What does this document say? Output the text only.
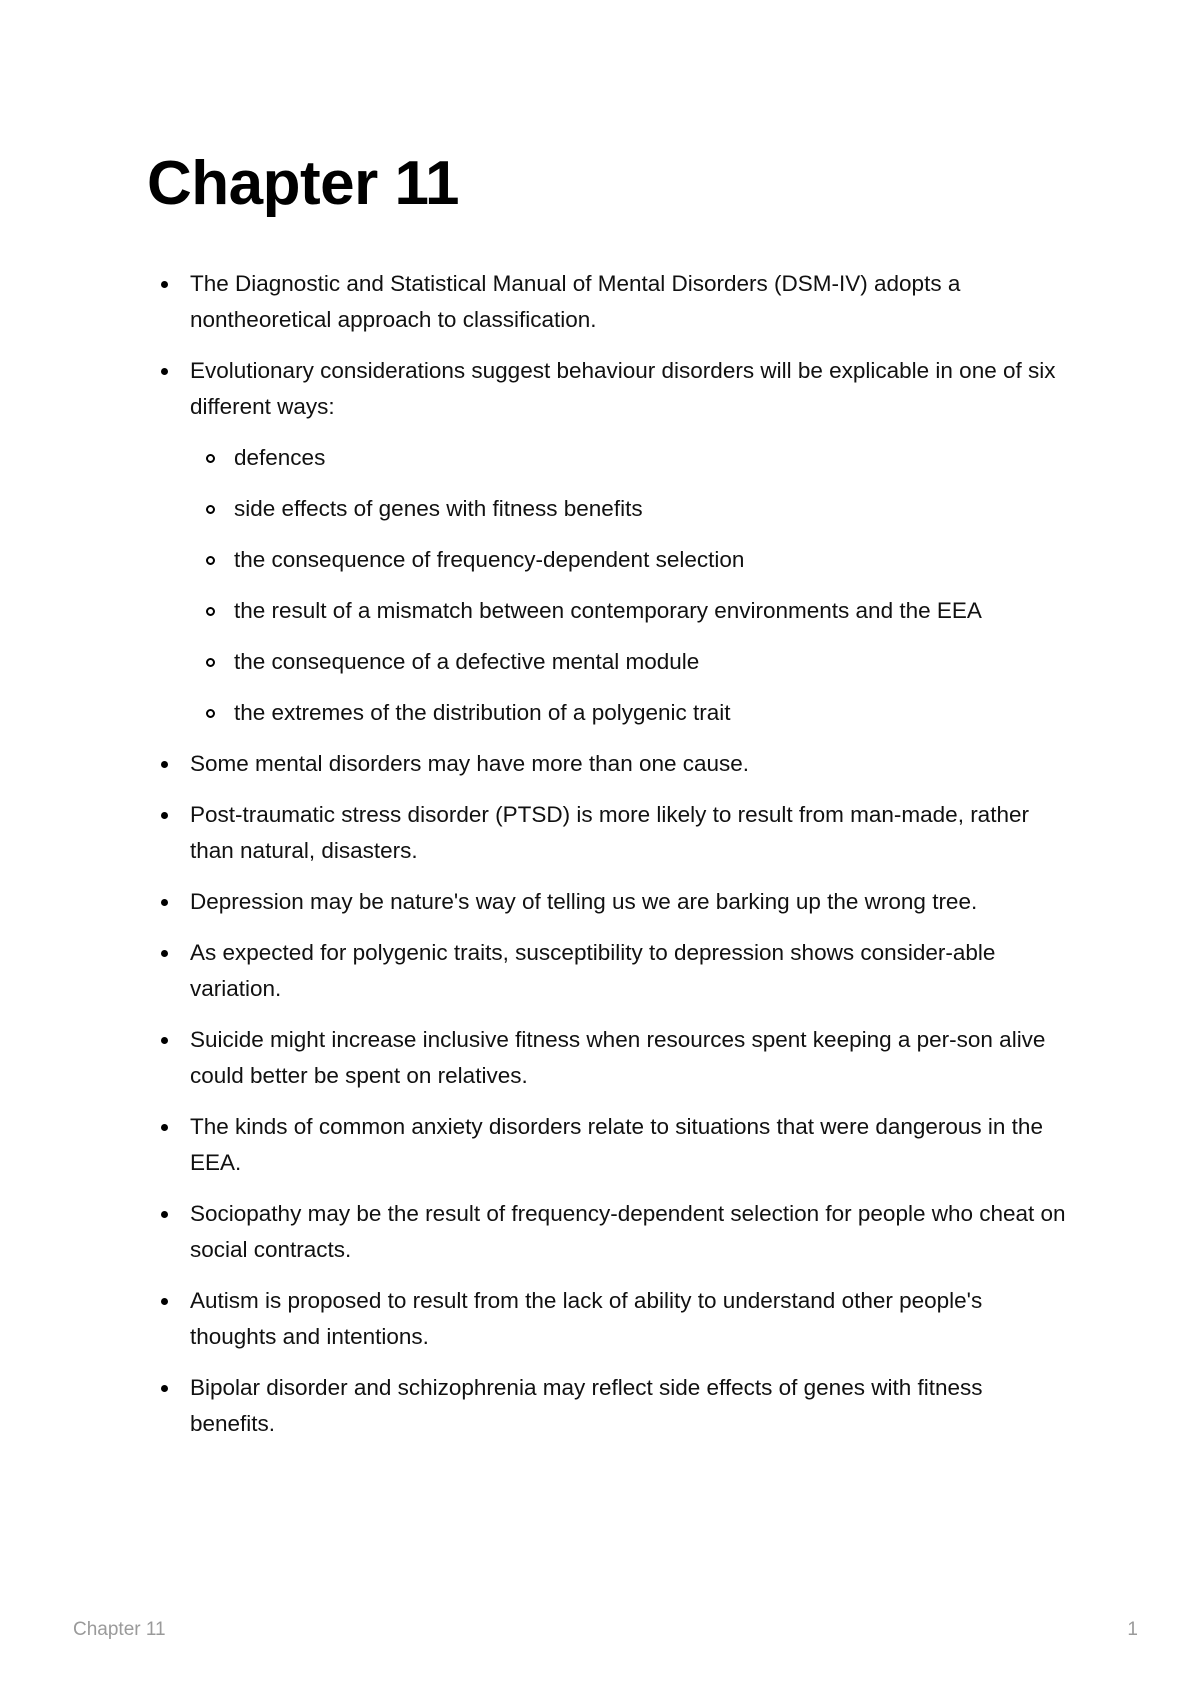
Chapter 11
The Diagnostic and Statistical Manual of Mental Disorders (DSM-IV) adopts a nontheoretical approach to classification.
Evolutionary considerations suggest behaviour disorders will be explicable in one of six different ways:
defences
side effects of genes with fitness benefits
the consequence of frequency-dependent selection
the result of a mismatch between contemporary environments and the EEA
the consequence of a defective mental module
the extremes of the distribution of a polygenic trait
Some mental disorders may have more than one cause.
Post-traumatic stress disorder (PTSD) is more likely to result from man-made, rather than natural, disasters.
Depression may be nature's way of telling us we are barking up the wrong tree.
As expected for polygenic traits, susceptibility to depression shows consider-able variation.
Suicide might increase inclusive fitness when resources spent keeping a per-son alive could better be spent on relatives.
The kinds of common anxiety disorders relate to situations that were dangerous in the EEA.
Sociopathy may be the result of frequency-dependent selection for people who cheat on social contracts.
Autism is proposed to result from the lack of ability to understand other people's thoughts and intentions.
Bipolar disorder and schizophrenia may reflect side effects of genes with fitness benefits.
Chapter 11	1
